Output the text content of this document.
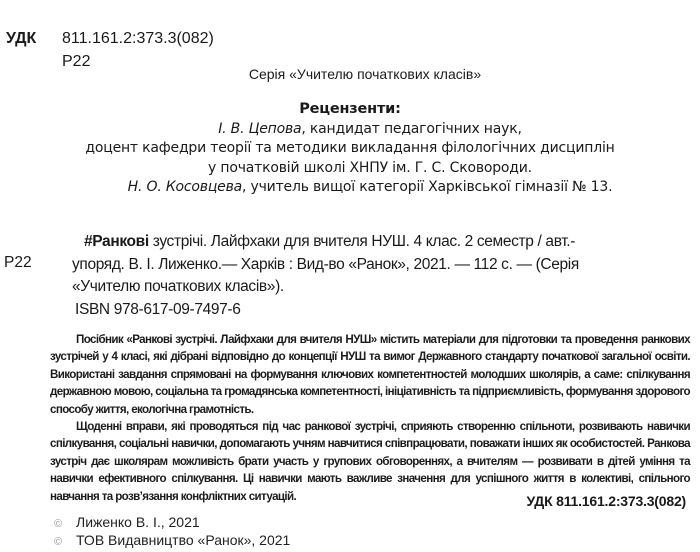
УДК 811.161.2:373.3(082)
Р22
Серія «Учителю початкових класів»
Рецензенти:
І. В. Цепова, кандидат педагогічних наук,
доцент кафедри теорії та методики викладання філологічних дисциплін
у початковій школі ХНПУ ім. Г. С. Сковороди.
Н. О. Косовцева, учитель вищої категорії Харківської гімназії № 13.
Р22
#Ранкові зустрічі. Лайфхаки для вчителя НУШ. 4 клас. 2 семестр / авт.-
упоряд. В. І. Лиженко.— Харків : Вид-во «Ранок», 2021. — 112 с. — (Серія
«Учителю початкових класів»).
ISBN 978-617-09-7497-6

Посібник «Ранкові зустрічі. Лайфхаки для вчителя НУШ» містить матеріали для підготовки та проведення ранкових зустрічей у 4 класі, які дібрані відповідно до концепції НУШ та вимог Державного стандарту початкової загальної освіти. Використані завдання спрямовані на формування ключових компетентностей молодших школярів, а саме: спілкування державною мовою, соціальна та громадянська компетентності, ініціативність та підприємливість, формування здорового способу життя, екологічна грамотність.

Щоденні вправи, які проводяться під час ранкової зустрічі, сприяють створенню спільноти, розвивають навички спілкування, соціальні навички, допомагають учням навчитися співпрацювати, поважати інших як особистостей. Ранкова зустріч дає школярам можливість брати участь у групових обговореннях, а вчителям — розвивати в дітей уміння та навички ефективного спілкування. Ці навички мають важливе значення для успішного життя в колективі, спільного навчання та розв’язання конфліктних ситуацій.	УДК 811.161.2:373.3(082)
© Лиженко В. І., 2021
© ТОВ Видавництво «Ранок», 2021
